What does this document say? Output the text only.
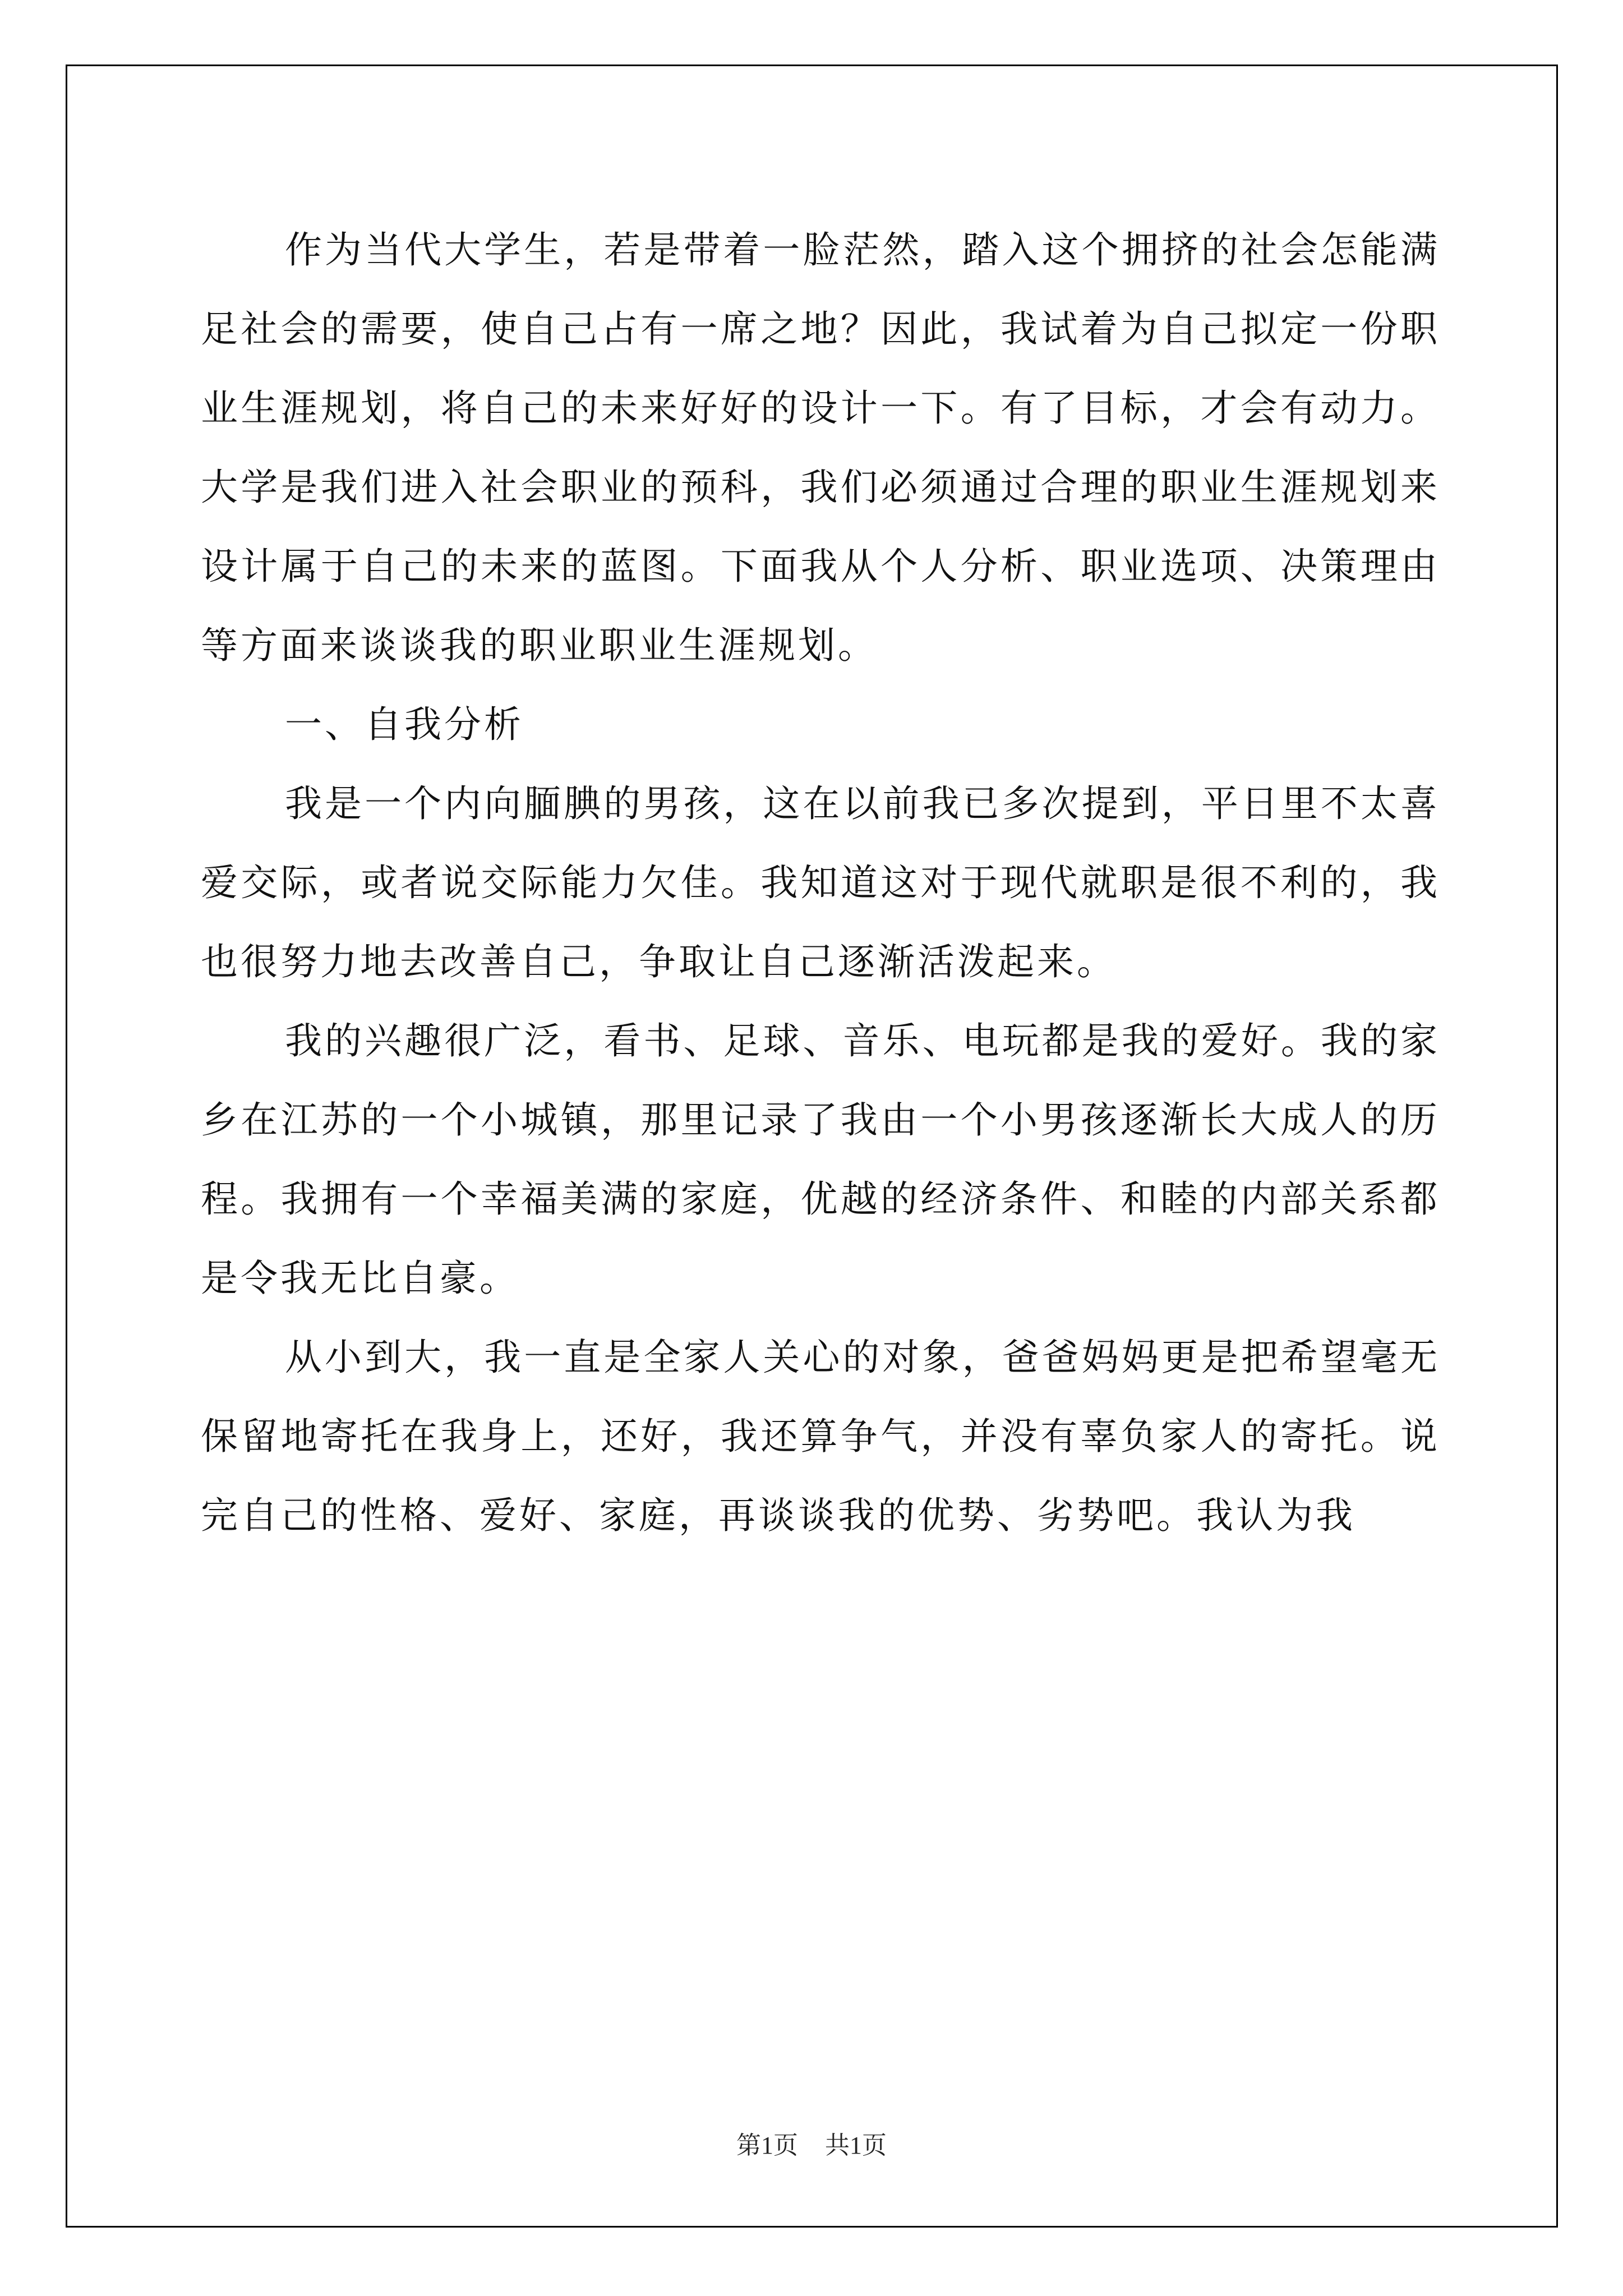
作为当代大学生，若是带着一脸茫然，踏入这个拥挤的社会怎能满足社会的需要，使自己占有一席之地？因此，我试着为自己拟定一份职业生涯规划，将自己的未来好好的设计一下。有了目标，才会有动力。大学是我们进入社会职业的预科，我们必须通过合理的职业生涯规划来设计属于自己的未来的蓝图。下面我从个人分析、职业选项、决策理由等方面来谈谈我的职业职业生涯规划。

一、自我分析

我是一个内向腼腆的男孩，这在以前我已多次提到，平日里不太喜爱交际，或者说交际能力欠佳。我知道这对于现代就职是很不利的，我也很努力地去改善自己，争取让自己逐渐活泼起来。

我的兴趣很广泛，看书、足球、音乐、电玩都是我的爱好。我的家乡在江苏的一个小城镇，那里记录了我由一个小男孩逐渐长大成人的历程。我拥有一个幸福美满的家庭，优越的经济条件、和睦的内部关系都是令我无比自豪。

从小到大，我一直是全家人关心的对象，爸爸妈妈更是把希望毫无保留地寄托在我身上，还好，我还算争气，并没有辜负家人的寄托。说完自己的性格、爱好、家庭，再谈谈我的优势、劣势吧。我认为我

第1页 共1页
